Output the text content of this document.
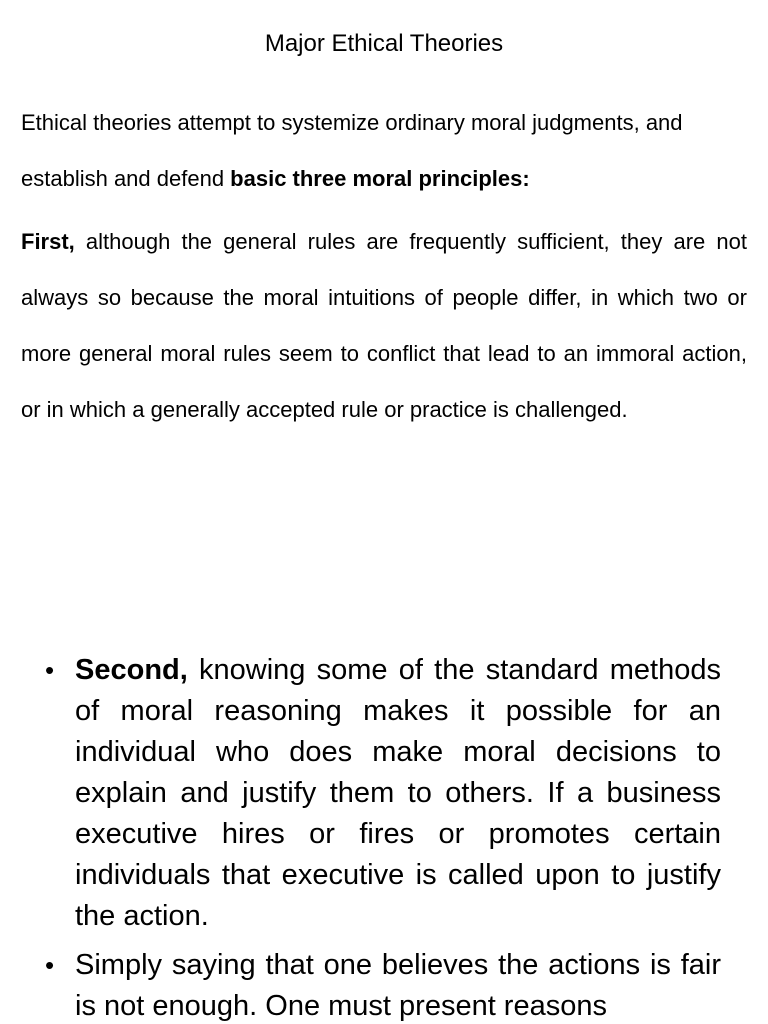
Major Ethical Theories

Ethical theories attempt to systemize ordinary moral judgments, and establish and defend basic three moral principles:

First, although the general rules are frequently sufficient, they are not always so because the moral intuitions of people differ, in which two or more general moral rules seem to conflict that lead to an immoral action, or in which a generally accepted rule or practice is challenged.

• Second, knowing some of the standard methods of moral reasoning makes it possible for an individual who does make moral decisions to explain and justify them to others. If a business executive hires or fires or promotes certain individuals that executive is called upon to justify the action.
• Simply saying that one believes the actions is fair is not enough. One must present reasons
